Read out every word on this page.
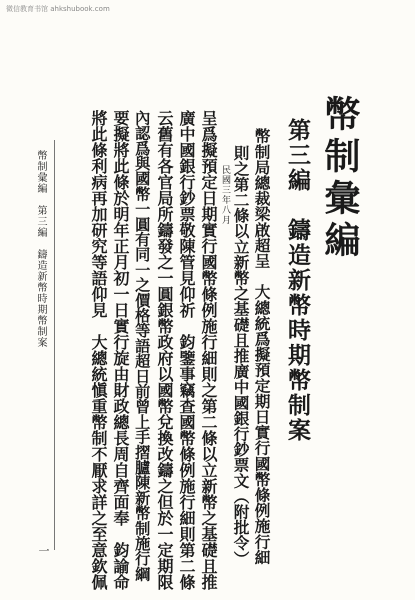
微信教育书馆 ahkshubook.com
幣制彙編
第三編　鑄造新幣時期幣制案
幣制局總裁梁啟超呈　大總統爲擬預定期日實行國幣條例施行細
則之第二條以立新幣之基礎且推廣中國銀行鈔票文（附批令）
民國三年八月
呈爲擬預定日期實行國幣條例施行細則之第二條以立新幣之基礎且推
廣中國銀行鈔票敬陳管見仰祈　鈞鑒事竊查國幣條例施行細則第二條
云舊有各官局所鑄發之一圓銀幣政府以國幣兌換改鑄之但於一定期限
內認爲與國幣一圓有同一之價格等語超日前曾上手摺臚陳新幣制施行綱
要擬將此條於明年正月初一日實行旋由財政總長周自齊面奉　鈞諭命
將此條利病再加研究等語仰見　大總統愼重幣制不厭求詳之至意欽佩
幣制彙編　第三編　鑄造新幣時期幣制案
一
